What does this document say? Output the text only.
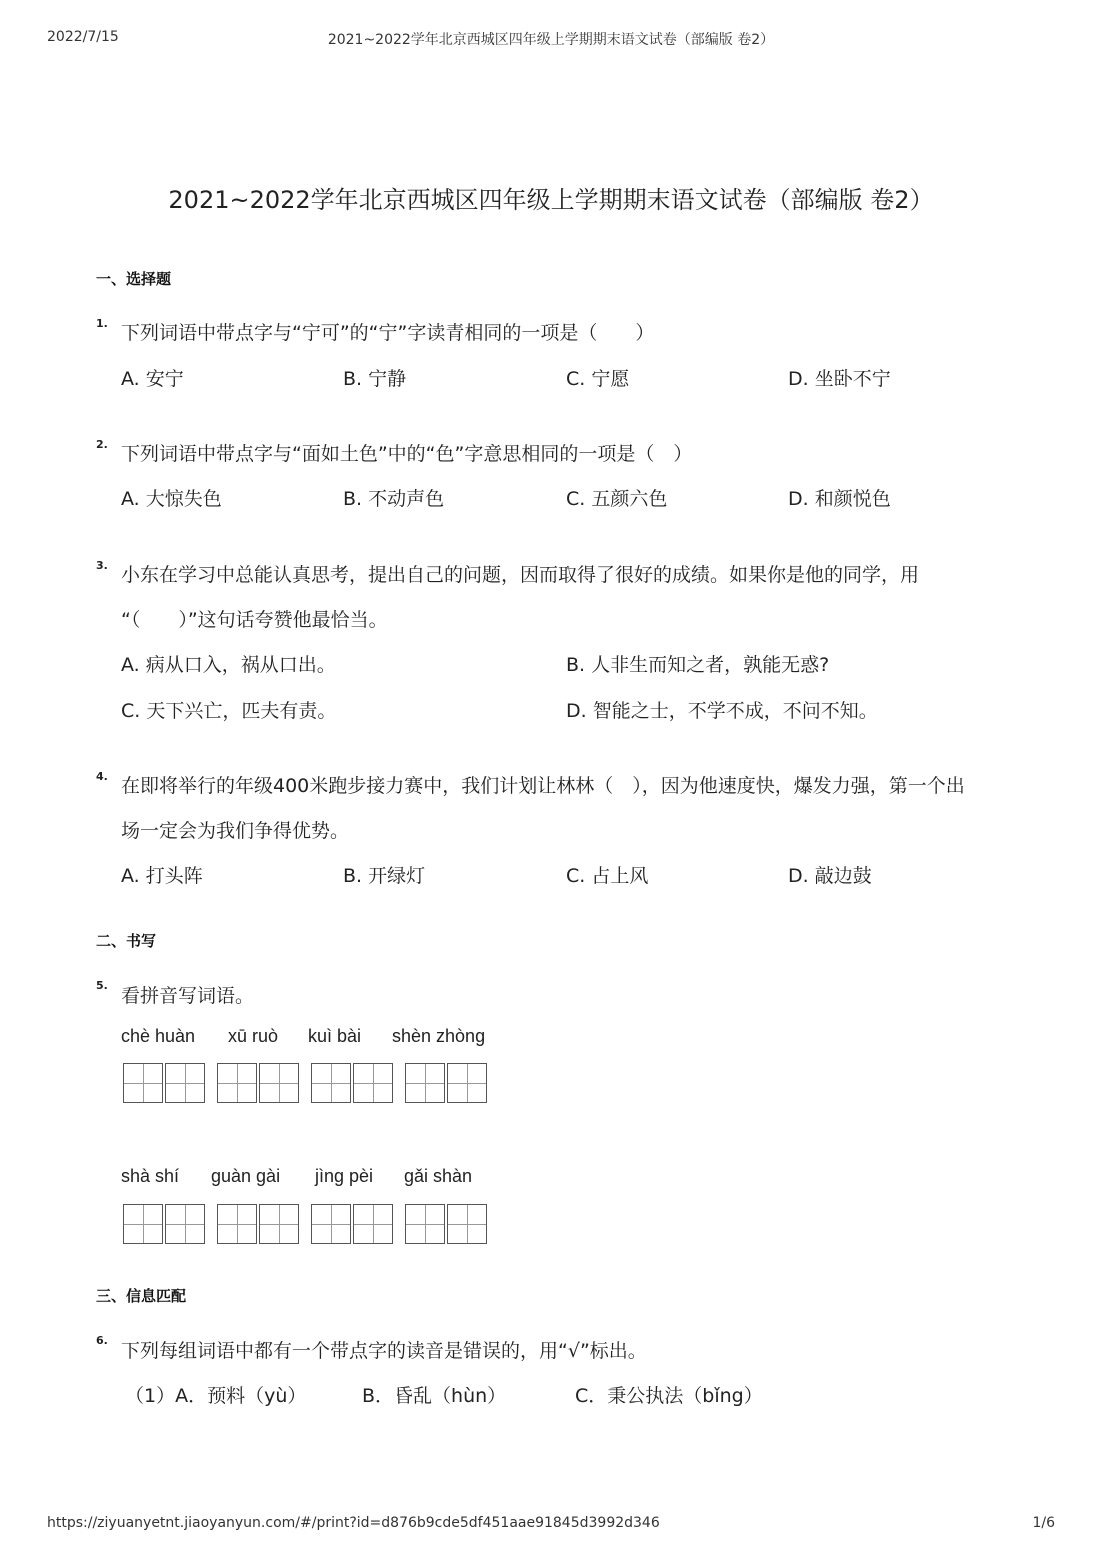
2022/7/15	2021~2022学年北京西城区四年级上学期期末语文试卷（部编版 卷2）
2021~2022学年北京西城区四年级上学期期末语文试卷（部编版 卷2）
一、选择题
1. 下列词语中带点字与“宁可”的“宁”字读青相同的一项是（　　）
A. 安宁	B. 宁静	C. 宁愿	D. 坐卧不宁
2. 下列词语中带点字与“面如土色”中的“色”字意思相同的一项是（　）
A. 大惊失色	B. 不动声色	C. 五颜六色	D. 和颜悦色
3. 小东在学习中总能认真思考，提出自己的问题，因而取得了很好的成绩。如果你是他的同学，用
“（　　）”这句话夸赞他最恰当。
A. 病从口入，祸从口出。	B. 人非生而知之者，孰能无惑?
C. 天下兴亡，匹夫有责。	D. 智能之士，不学不成，不问不知。
4. 在即将举行的年级400米跑步接力赛中，我们计划让林林（　），因为他速度快，爆发力强，第一个出
场一定会为我们争得优势。
A. 打头阵	B. 开绿灯	C. 占上风	D. 敲边鼓
二、书写
5. 看拼音写词语。
chè huàn xū ruò kuì bài shèn zhòng
shà shí guàn gài jìng pèi gǎi shàn
三、信息匹配
6. 下列每组词语中都有一个带点字的读音是错误的，用“√”标出。
（1）A．预料（yù）	B．昏乱（hùn）	C．秉公执法（bǐng）
https://ziyuanyetnt.jiaoyanyun.com/#/print?id=d876b9cde5df451aae91845d3992d346	1/6
